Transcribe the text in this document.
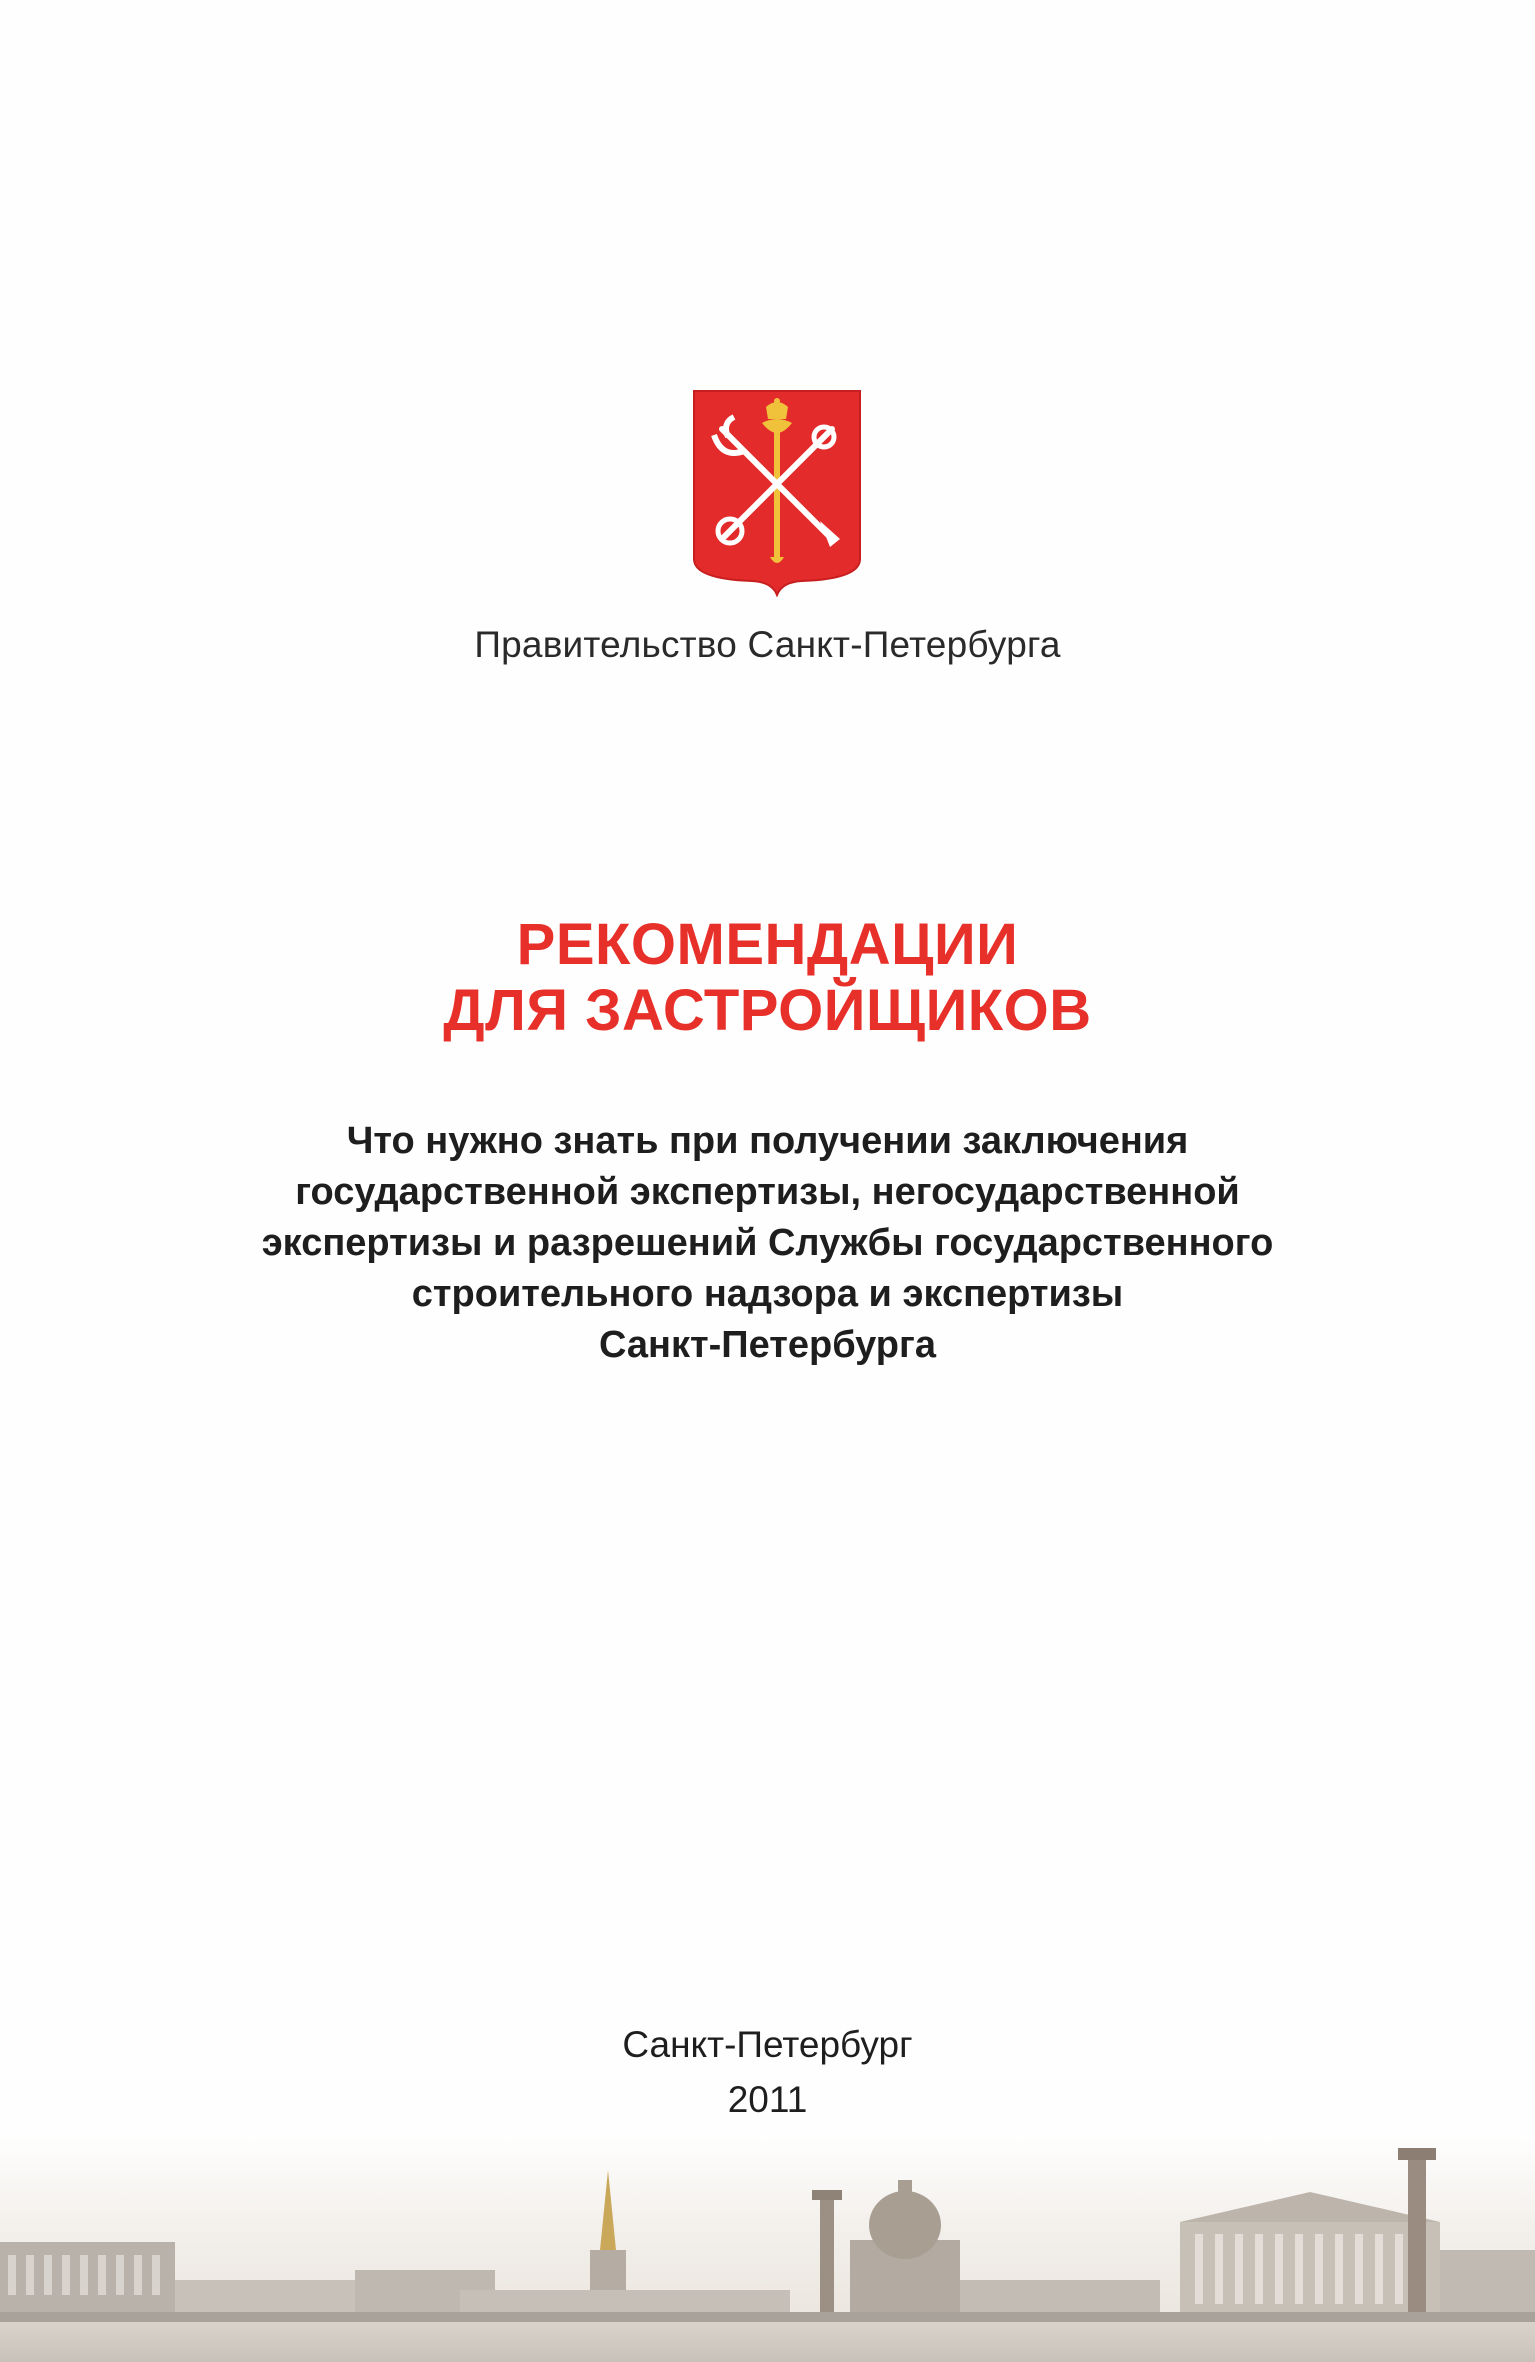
Правительство Санкт-Петербурга
РЕКОМЕНДАЦИИ
ДЛЯ ЗАСТРОЙЩИКОВ
Что нужно знать при получении заключения
государственной экспертизы, негосударственной
экспертизы и разрешений Службы государственного
строительного надзора и экспертизы
Санкт-Петербурга
Санкт-Петербург
2011
